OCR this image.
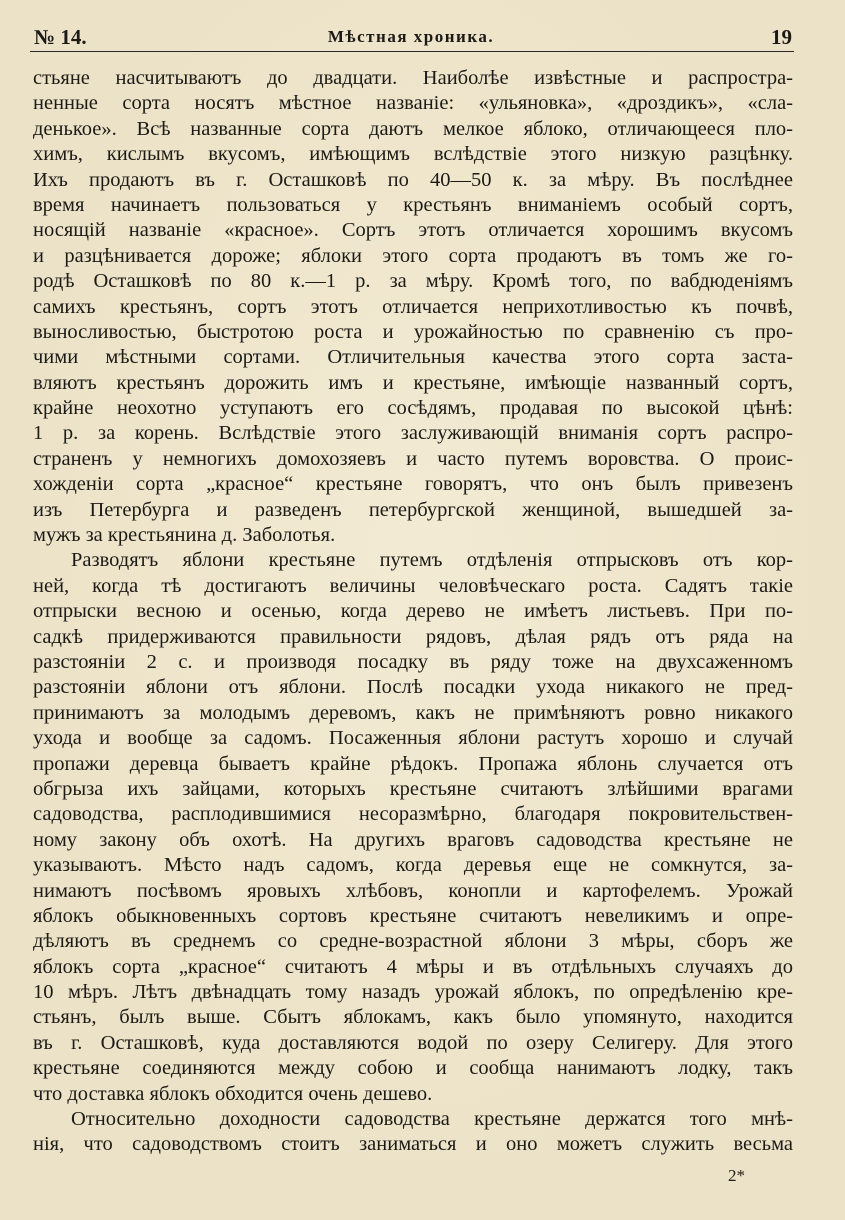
№ 14.	Мѣстная хроника.	19
стьяне насчитываютъ до двадцати. Наиболѣе извѣстные и распростра-
ненные сорта носятъ мѣстное названіе: «ульяновка», «дроздикъ», «сла-
денькое». Всѣ названные сорта даютъ мелкое яблоко, отличающееся пло-
химъ, кислымъ вкусомъ, имѣющимъ вслѣдствіе этого низкую разцѣнку.
Ихъ продаютъ въ г. Осташковѣ по 40—50 к. за мѣру. Въ послѣднее
время начинаетъ пользоваться у крестьянъ вниманіемъ особый сортъ,
носящій названіе «красное». Сортъ этотъ отличается хорошимъ вкусомъ
и разцѣнивается дороже; яблоки этого сорта продаютъ въ томъ же го-
родѣ Осташковѣ по 80 к.—1 р. за мѣру. Кромѣ того, по вабдюденіямъ
самихъ крестьянъ, сортъ этотъ отличается неприхотливостью къ почвѣ,
выносливостью, быстротою роста и урожайностью по сравненію съ про-
чими мѣстными сортами. Отличительныя качества этого сорта заста-
вляютъ крестьянъ дорожить имъ и крестьяне, имѣющіе названный сортъ,
крайне неохотно уступаютъ его сосѣдямъ, продавая по высокой цѣнѣ:
1 р. за корень. Вслѣдствіе этого заслуживающій вниманія сортъ распро-
страненъ у немногихъ домохозяевъ и часто путемъ воровства. О проис-
хожденіи сорта „красное“ крестьяне говорятъ, что онъ былъ привезенъ
изъ Петербурга и разведенъ петербургской женщиной, вышедшей за-
мужъ за крестьянина д. Заболотья.
Разводятъ яблони крестьяне путемъ отдѣленія отпрысковъ отъ кор-
ней, когда тѣ достигаютъ величины человѣческаго роста. Садятъ такіе
отпрыски весною и осенью, когда дерево не имѣетъ листьевъ. При по-
садкѣ придерживаются правильности рядовъ, дѣлая рядъ отъ ряда на
разстояніи 2 с. и производя посадку въ ряду тоже на двухсаженномъ
разстояніи яблони отъ яблони. Послѣ посадки ухода никакого не пред-
принимаютъ за молодымъ деревомъ, какъ не примѣняютъ ровно никакого
ухода и вообще за садомъ. Посаженныя яблони растутъ хорошо и случай
пропажи деревца бываетъ крайне рѣдокъ. Пропажа яблонь случается отъ
обгрыза ихъ зайцами, которыхъ крестьяне считаютъ злѣйшими врагами
садоводства, расплодившимися несоразмѣрно, благодаря покровительствен-
ному закону объ охотѣ. На другихъ враговъ садоводства крестьяне не
указываютъ. Мѣсто надъ садомъ, когда деревья еще не сомкнутся, за-
нимаютъ посѣвомъ яровыхъ хлѣбовъ, конопли и картофелемъ. Урожай
яблокъ обыкновенныхъ сортовъ крестьяне считаютъ невеликимъ и опре-
дѣляютъ въ среднемъ со средне-возрастной яблони 3 мѣры, сборъ же
яблокъ сорта „красное“ считаютъ 4 мѣры и въ отдѣльныхъ случаяхъ до
10 мѣръ. Лѣтъ двѣнадцать тому назадъ урожай яблокъ, по опредѣленію кре-
стьянъ, былъ выше. Сбытъ яблокамъ, какъ было упомянуто, находится
въ г. Осташковѣ, куда доставляются водой по озеру Селигеру. Для этого
крестьяне соединяются между собою и сообща нанимаютъ лодку, такъ
что доставка яблокъ обходится очень дешево.
Относительно доходности садоводства крестьяне держатся того мнѣ-
нія, что садоводствомъ стоитъ заниматься и оно можетъ служить весьма
2*
